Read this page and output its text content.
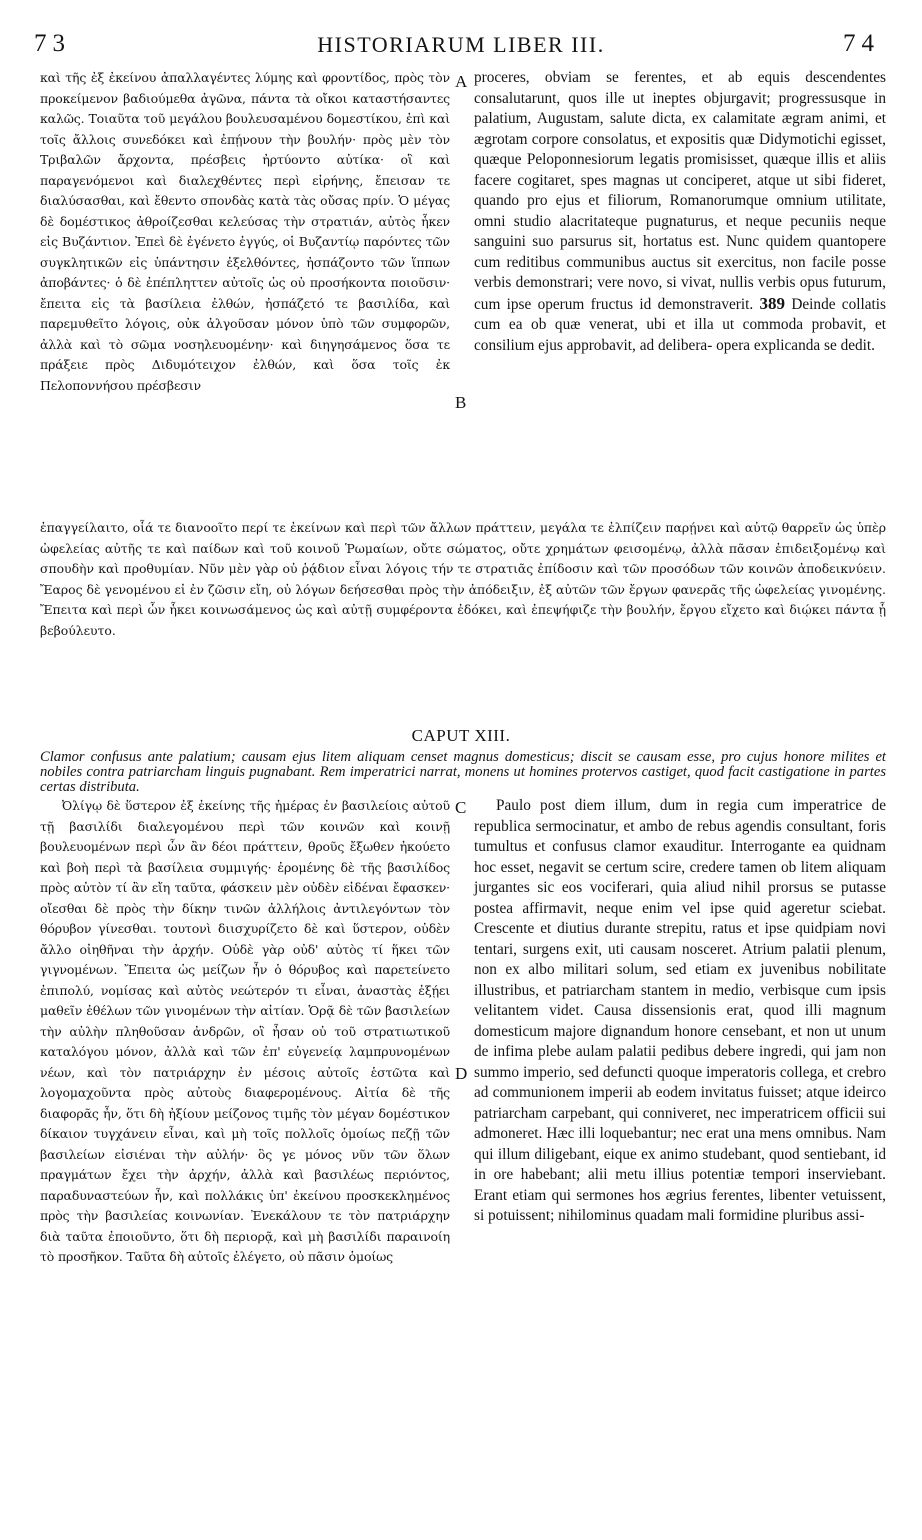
73	HISTORIARUM LIBER III.	74

καὶ τῆς ἐξ ἐκείνου ἀπαλλαγέντες λύμης καὶ φροντίδος, πρὸς τὸν προκείμενον βαδιούμεθα ἀγῶνα, πάντα τὰ οἴκοι καταστήσαντες καλῶς. Τοιαῦτα τοῦ μεγάλου βουλευσαμένου δομεστίκου, ἐπὶ καὶ τοῖς ἄλλοις συνεδόκει καὶ ἐπῄνουν τὴν βουλήν· πρὸς μὲν τὸν Τριβαλῶν ἄρχοντα, πρέσβεις ἠρτύοντο αὐτίκα· οἳ καὶ παραγενόμενοι καὶ διαλεχθέντες περὶ εἰρήνης, ἔπεισαν τε διαλύσασθαι, καὶ ἔθεντο σπονδὰς κατὰ τὰς οὔσας πρίν. Ὁ μέγας δὲ δομέστικος ἀθροίζεσθαι κελεύσας τὴν στρατιάν, αὐτὸς ἧκεν εἰς Βυζάντιον. Ἐπεὶ δὲ ἐγένετο ἐγγύς, οἱ Βυζαντίῳ παρόντες τῶν συγκλητικῶν εἰς ὑπάντησιν ἐξελθόντες, ἠσπάζοντο τῶν ἵππων ἀποβάντες· ὁ δὲ ἐπέπληττεν αὐτοῖς ὡς οὐ προσήκοντα ποιοῦσιν· ἔπειτα εἰς τὰ βασίλεια ἐλθών, ἠσπάζετό τε βασιλίδα, καὶ παρεμυθεῖτο λόγοις, οὐκ ἀλγοῦσαν μόνον ὑπὸ τῶν συμφορῶν, ἀλλὰ καὶ τὸ σῶμα νοσηλευομένην· καὶ διηγησάμενος ὅσα τε πράξειε πρὸς Διδυμότειχον ἐλθών, καὶ ὅσα τοῖς ἐκ Πελοποννήσου πρέσβεσιν

A
B

proceres, obviam se ferentes, et ab equis descendentes consalutarunt, quos ille ut ineptes objurgavit; progressusque in palatium, Augustam, salute dicta, ex calamitate ægram animi, et ægrotam corpore consolatus, et expositis quæ Didymotichi egisset, quæque Peloponnesiorum legatis promisisset, quæque illis et aliis facere cogitaret, spes magnas ut conciperet, atque ut sibi fideret, quando pro ejus et filiorum, Romanorumque omnium utilitate, omni studio alacritateque pugnaturus, et neque pecuniis neque sanguini suo parsurus sit, hortatus est. Nunc quidem quantopere cum reditibus communibus auctus sit exercitus, non facile posse verbis demonstrari; vere novo, si vivat, nullis verbis opus futurum, cum ipse operum fructus id demonstraverit. 389 Deinde collatis cum ea ob quæ venerat, ubi et illa ut commoda probavit, et consilium ejus approbavit, ad delibera- opera explicanda se dedit.

ἐπαγγείλαιτο, οἷά τε διανοοῖτο περί τε ἐκείνων καὶ περὶ τῶν ἄλλων πράττειν, μεγάλα τε ἐλπίζειν παρῄνει καὶ αὐτῷ θαρρεῖν ὡς ὑπὲρ ὠφελείας αὐτῆς τε καὶ παίδων καὶ τοῦ κοινοῦ Ῥωμαίων, οὔτε σώματος, οὔτε χρημάτων φεισομένῳ, ἀλλὰ πᾶσαν ἐπιδειξομένῳ καὶ σπουδὴν καὶ προθυμίαν. Νῦν μὲν γὰρ οὐ ῥᾴδιον εἶναι λόγοις τήν τε στρατιᾶς ἐπίδοσιν καὶ τῶν προσόδων τῶν κοινῶν ἀποδεικνύειν. Ἔαρος δὲ γενομένου εἰ ἐν ζῶσιν εἴη, οὐ λόγων δεήσεσθαι πρὸς τὴν ἀπόδειξιν, ἐξ αὐτῶν τῶν ἔργων φανερᾶς τῆς ὠφελείας γινομένης. Ἔπειτα καὶ περὶ ὧν ἧκει κοινωσάμενος ὡς καὶ αὐτῇ συμφέροντα ἐδόκει, καὶ ἐπεψήφιζε τὴν βουλήν, ἔργου εἴχετο καὶ διῴκει πάντα ᾗ βεβούλευτο.

CAPUT XIII.

Clamor confusus ante palatium; causam ejus litem aliquam censet magnus domesticus; discit se causam esse, pro cujus honore milites et nobiles contra patriarcham linguis pugnabant. Rem imperatrici narrat, monens ut homines protervos castiget, quod facit castigatione in partes certas distributa.

Ὀλίγῳ δὲ ὕστερον ἐξ ἐκείνης τῆς ἡμέρας ἐν βασιλείοις αὐτοῦ τῇ βασιλίδι διαλεγομένου περὶ τῶν κοινῶν καὶ κοινῇ βουλευομένων περὶ ὧν ἂν δέοι πράττειν, θροῦς ἔξωθεν ἠκούετο καὶ βοὴ περὶ τὰ βασίλεια συμμιγής· ἐρομένης δὲ τῆς βασιλίδος πρὸς αὐτὸν τί ἂν εἴη ταῦτα, φάσκειν μὲν οὐδὲν εἰδέναι ἔφασκεν· οἴεσθαι δὲ πρὸς τὴν δίκην τινῶν ἀλλήλοις ἀντιλεγόντων τὸν θόρυβον γίνεσθαι. τουτονὶ διισχυρίζετο δὲ καὶ ὕστερον, οὐδὲν ἄλλο οἰηθῆναι τὴν ἀρχήν. Οὐδὲ γὰρ οὐδ' αὐτὸς τί ἥκει τῶν γιγνομένων. Ἔπειτα ὡς μείζων ἦν ὁ θόρυβος καὶ παρετείνετο ἐπιπολύ, νομίσας καὶ αὐτὸς νεώτερόν τι εἶναι, ἀναστὰς ἐξῄει μαθεῖν ἐθέλων τῶν γινομένων τὴν αἰτίαν. Ὁρᾷ δὲ τῶν βασιλείων τὴν αὐλὴν πληθοῦσαν ἀνδρῶν, οἳ ἦσαν οὐ τοῦ στρατιωτικοῦ καταλόγου μόνον, ἀλλὰ καὶ τῶν ἐπ' εὐγενείᾳ λαμπρυνομένων νέων, καὶ τὸν πατριάρχην ἐν μέσοις αὐτοῖς ἑστῶτα καὶ λογομαχοῦντα πρὸς αὐτοὺς διαφερομένους. Αἰτία δὲ τῆς διαφορᾶς ἦν, ὅτι δὴ ἠξίουν μείζονος τιμῆς τὸν μέγαν δομέστικον δίκαιον τυγχάνειν εἶναι, καὶ μὴ τοῖς πολλοῖς ὁμοίως πεζῇ τῶν βασιλείων εἰσιέναι τὴν αὐλήν· ὃς γε μόνος νῦν τῶν ὅλων πραγμάτων ἔχει τὴν ἀρχήν, ἀλλὰ καὶ βασιλέως περιόντος, παραδυναστεύων ἦν, καὶ πολλάκις ὑπ' ἐκείνου προσκεκλημένος πρὸς τὴν βασιλείας κοινωνίαν. Ἐνεκάλουν τε τὸν πατριάρχην διὰ ταῦτα ἐποιοῦντο, ὅτι δὴ περιορᾷ, καὶ μὴ βασιλίδι παραινοίη τὸ προσῆκον. Ταῦτα δὴ αὐτοῖς ἐλέγετο, οὐ πᾶσιν ὁμοίως

C
D

Paulo post diem illum, dum in regia cum imperatrice de republica sermocinatur, et ambo de rebus agendis consultant, foris tumultus et confusus clamor exauditur. Interrogante ea quidnam hoc esset, negavit se certum scire, credere tamen ob litem aliquam jurgantes sic eos vociferari, quia aliud nihil prorsus se putasse postea affirmavit, neque enim vel ipse quid ageretur sciebat. Crescente et diutius durante strepitu, ratus et ipse quidpiam novi tentari, surgens exit, uti causam nosceret. Atrium palatii plenum, non ex albo militari solum, sed etiam ex juvenibus nobilitate illustribus, et patriarcham stantem in medio, verbisque cum ipsis velitantem videt. Causa dissensionis erat, quod illi magnum domesticum majore dignandum honore censebant, et non ut unum de infima plebe aulam palatii pedibus debere ingredi, qui jam non summo imperio, sed defuncti quoque imperatoris collega, et crebro ad communionem imperii ab eodem invitatus fuisset; atque ideirco patriarcham carpebant, qui conniveret, nec imperatricem officii sui admoneret. Hæc illi loquebantur; nec erat una mens omnibus. Nam qui illum diligebant, eique ex animo studebant, quod sentiebant, id in ore habebant; alii metu illius potentiæ tempori inserviebant. Erant etiam qui sermones hos ægrius ferentes, libenter vetuissent, si potuissent; nihilominus quadam mali formidine pluribus assi-
